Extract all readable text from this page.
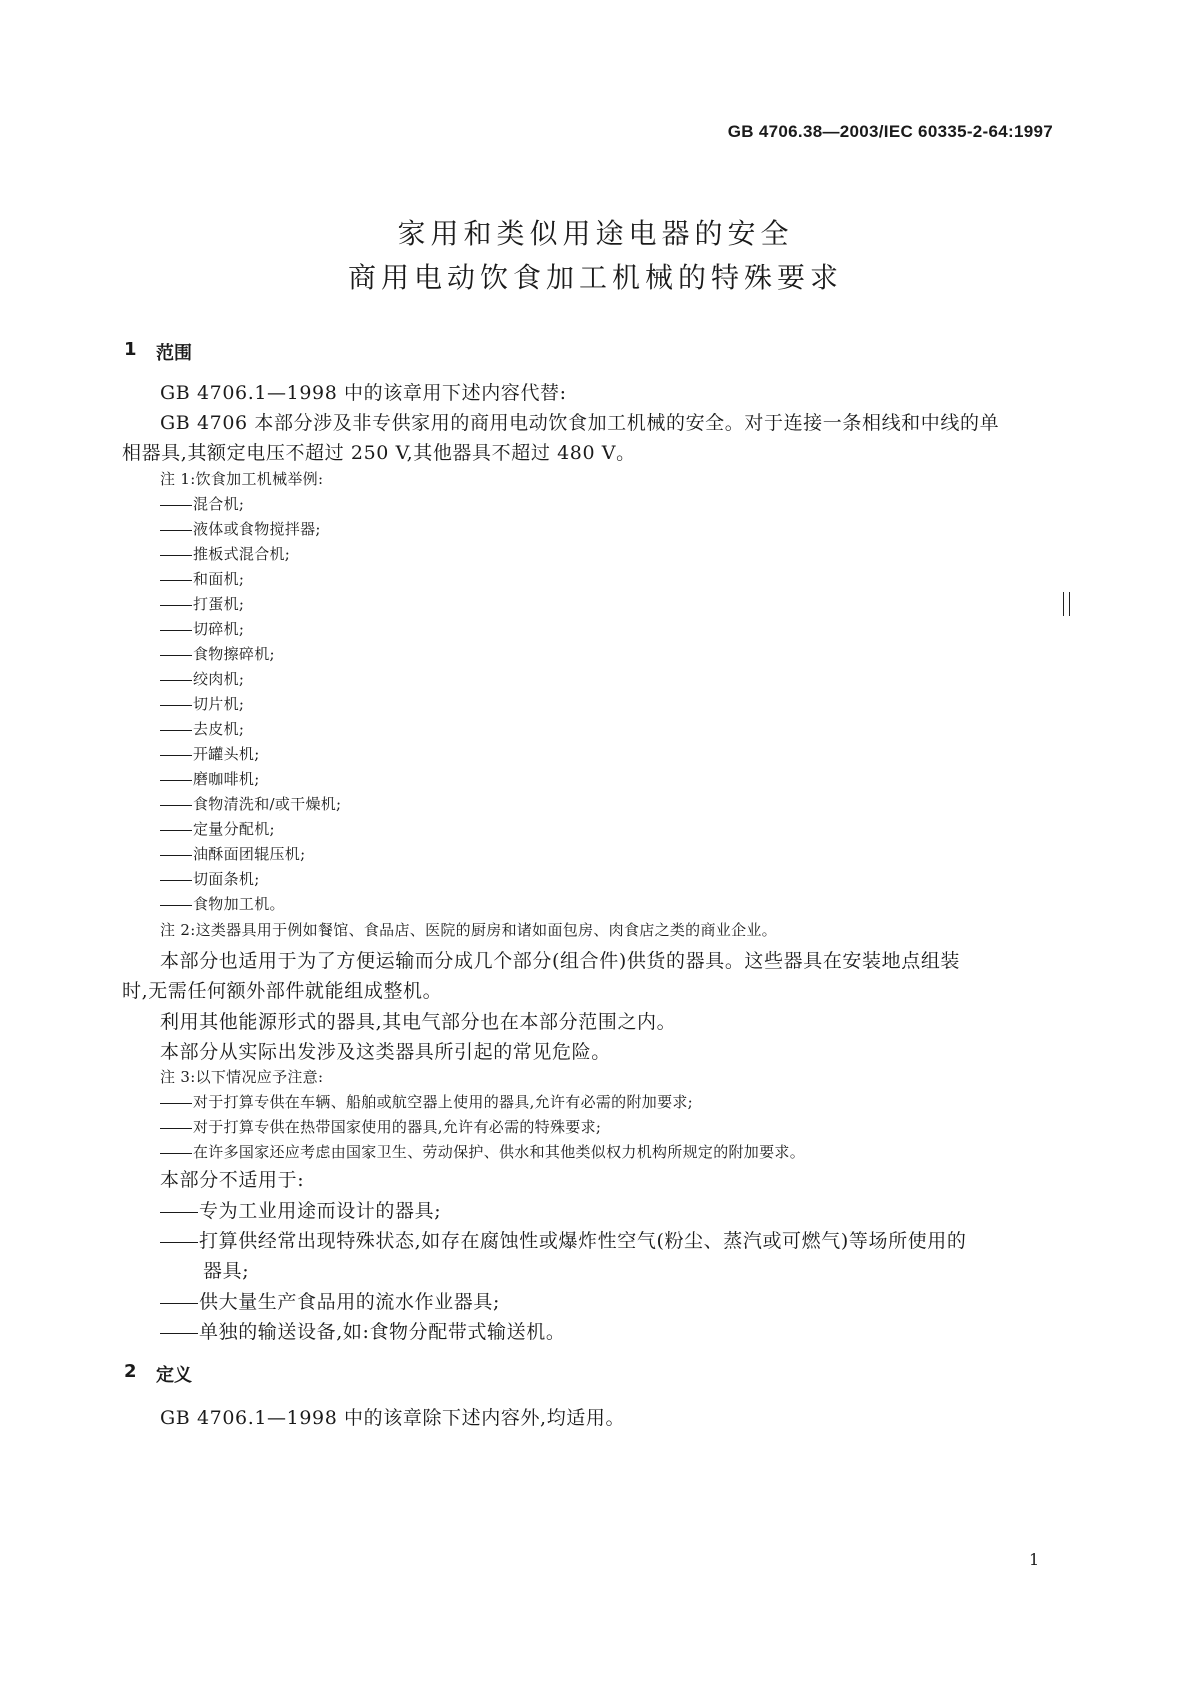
GB 4706.38—2003/IEC 60335-2-64:1997
家用和类似用途电器的安全
商用电动饮食加工机械的特殊要求
1 范围
GB 4706.1—1998 中的该章用下述内容代替:
GB 4706 本部分涉及非专供家用的商用电动饮食加工机械的安全。对于连接一条相线和中线的单
相器具,其额定电压不超过 250 V,其他器具不超过 480 V。
注 1:饮食加工机械举例:
混合机;
液体或食物搅拌器;
推板式混合机;
和面机;
打蛋机;
切碎机;
食物擦碎机;
绞肉机;
切片机;
去皮机;
开罐头机;
磨咖啡机;
食物清洗和/或干燥机;
定量分配机;
油酥面团辊压机;
切面条机;
食物加工机。
注 2:这类器具用于例如餐馆、食品店、医院的厨房和诸如面包房、肉食店之类的商业企业。
本部分也适用于为了方便运输而分成几个部分(组合件)供货的器具。这些器具在安装地点组装
时,无需任何额外部件就能组成整机。
利用其他能源形式的器具,其电气部分也在本部分范围之内。
本部分从实际出发涉及这类器具所引起的常见危险。
注 3:以下情况应予注意:
对于打算专供在车辆、船舶或航空器上使用的器具,允许有必需的附加要求;
对于打算专供在热带国家使用的器具,允许有必需的特殊要求;
在许多国家还应考虑由国家卫生、劳动保护、供水和其他类似权力机构所规定的附加要求。
本部分不适用于:
专为工业用途而设计的器具;
打算供经常出现特殊状态,如存在腐蚀性或爆炸性空气(粉尘、蒸汽或可燃气)等场所使用的
器具;
供大量生产食品用的流水作业器具;
单独的输送设备,如:食物分配带式输送机。
2 定义
GB 4706.1—1998 中的该章除下述内容外,均适用。
1
